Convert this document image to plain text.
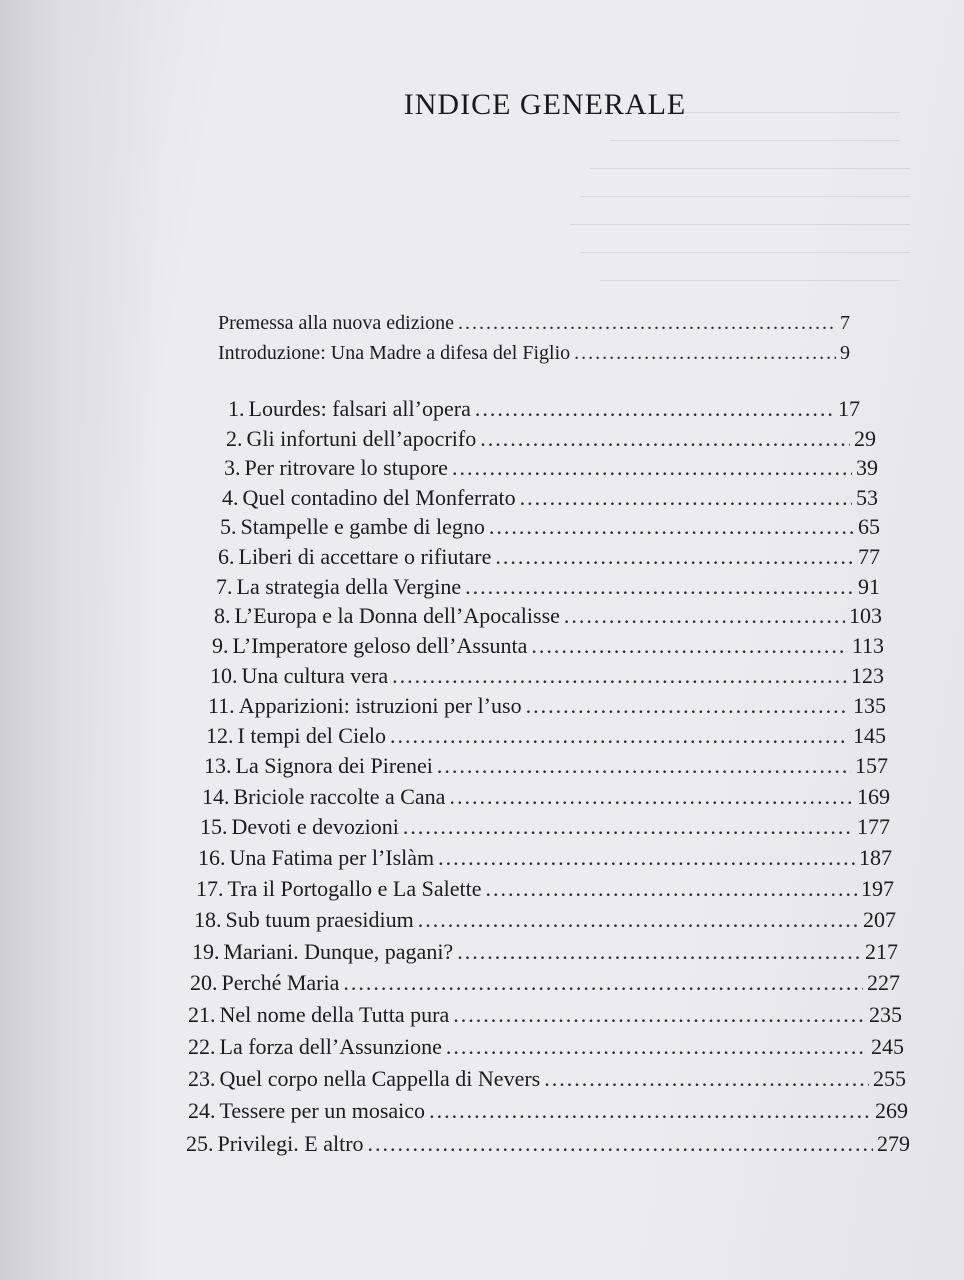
INDICE GENERALE
Premessa alla nuova edizione .....	7
Introduzione: Una Madre a difesa del Figlio .....	9
1. Lourdes: falsari all’opera .....	17
2. Gli infortuni dell’apocrifo .....	29
3. Per ritrovare lo stupore .....	39
4. Quel contadino del Monferrato .....	53
5. Stampelle e gambe di legno .....	65
6. Liberi di accettare o rifiutare .....	77
7. La strategia della Vergine .....	91
8. L’Europa e la Donna dell’Apocalisse .....	103
9. L’Imperatore geloso dell’Assunta .....	113
10. Una cultura vera .....	123
11. Apparizioni: istruzioni per l’uso .....	135
12. I tempi del Cielo .....	145
13. La Signora dei Pirenei .....	157
14. Briciole raccolte a Cana .....	169
15. Devoti e devozioni .....	177
16. Una Fatima per l’Islàm .....	187
17. Tra il Portogallo e La Salette .....	197
18. Sub tuum praesidium .....	207
19. Mariani. Dunque, pagani? .....	217
20. Perché Maria .....	227
21. Nel nome della Tutta pura .....	235
22. La forza dell’Assunzione .....	245
23. Quel corpo nella Cappella di Nevers .....	255
24. Tessere per un mosaico .....	269
25. Privilegi. E altro .....	279
